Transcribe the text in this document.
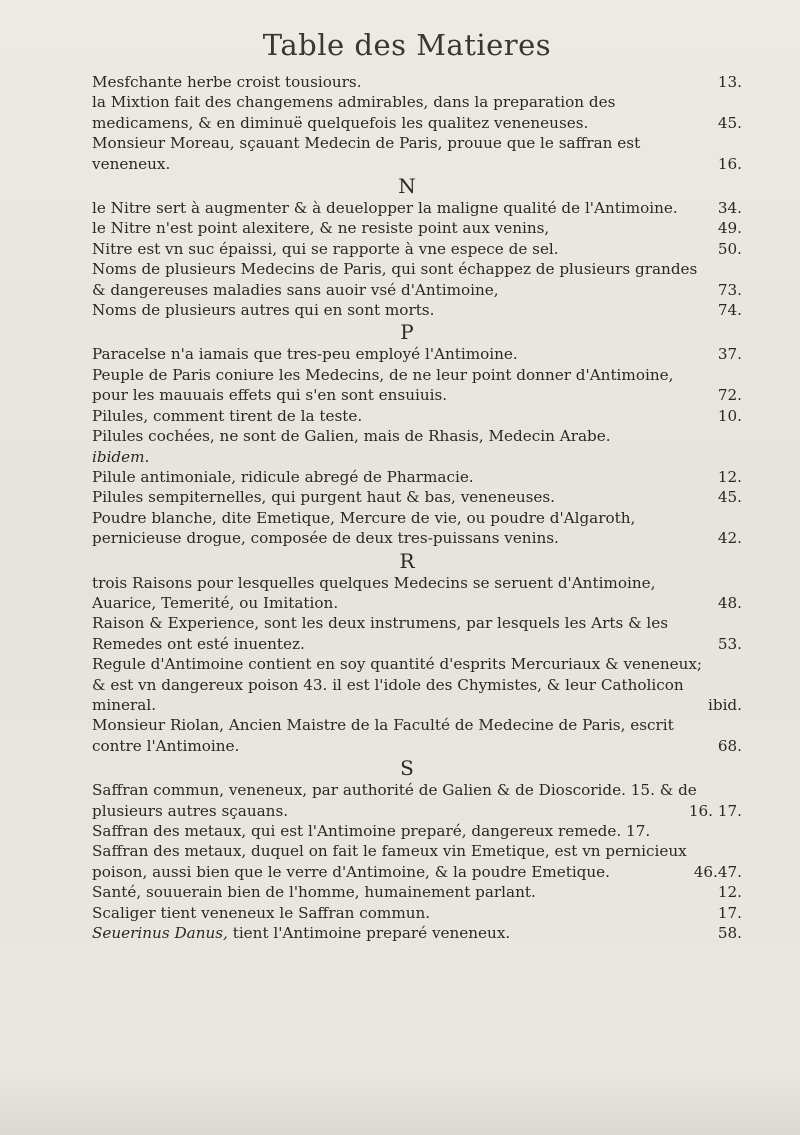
Table des Matieres
Mesfchante herbe croist tousiours.	13.
la Mixtion fait des changemens admirables, dans la preparation des medicamens, & en diminuë quelquefois les qualitez veneneuses.	45.
Monsieur Moreau, sçauant Medecin de Paris, prouue que le saffran est veneneux.	16.
N
le Nitre sert à augmenter & à deuelopper la maligne qualité de l'Antimoine.	34.
le Nitre n'est point alexitere, & ne resiste point aux venins,	49.
Nitre est vn suc épaissi, qui se rapporte à vne espece de sel.	50.
Noms de plusieurs Medecins de Paris, qui sont échappez de plusieurs grandes & dangereuses maladies sans auoir vsé d'Antimoine,	73.
Noms de plusieurs autres qui en sont morts.	74.
P
Paracelse n'a iamais que tres-peu employé l'Antimoine.	37.
Peuple de Paris coniure les Medecins, de ne leur point donner d'Antimoine, pour les mauuais effets qui s'en sont ensuiuis.	72.
Pilules, comment tirent de la teste.	10.
Pilules cochées, ne sont de Galien, mais de Rhasis, Medecin Arabe.
ibidem.
Pilule antimoniale, ridicule abregé de Pharmacie.	12.
Pilules sempiternelles, qui purgent haut & bas, veneneuses.	45.
Poudre blanche, dite Emetique, Mercure de vie, ou poudre d'Algaroth, pernicieuse drogue, composée de deux tres-puissans venins.	42.
R
trois Raisons pour lesquelles quelques Medecins se seruent d'Antimoine, Auarice, Temerité, ou Imitation.	48.
Raison & Experience, sont les deux instrumens, par lesquels les Arts & les Remedes ont esté inuentez.	53.
Regule d'Antimoine contient en soy quantité d'esprits Mercuriaux & veneneux; & est vn dangereux poison 43. il est l'idole des Chymistes, & leur Catholicon mineral.	ibid.
Monsieur Riolan, Ancien Maistre de la Faculté de Medecine de Paris, escrit contre l'Antimoine.	68.
S
Saffran commun, veneneux, par authorité de Galien & de Dioscoride. 15. & de plusieurs autres sçauans.	16. 17.
Saffran des metaux, qui est l'Antimoine preparé, dangereux remede. 17.
Saffran des metaux, duquel on fait le fameux vin Emetique, est vn pernicieux poison, aussi bien que le verre d'Antimoine, & la poudre Emetique.	46.47.
Santé, souuerain bien de l'homme, humainement parlant.	12.
Scaliger tient veneneux le Saffran commun.	17.
Seuerinus Danus, tient l'Antimoine preparé veneneux.	58.
